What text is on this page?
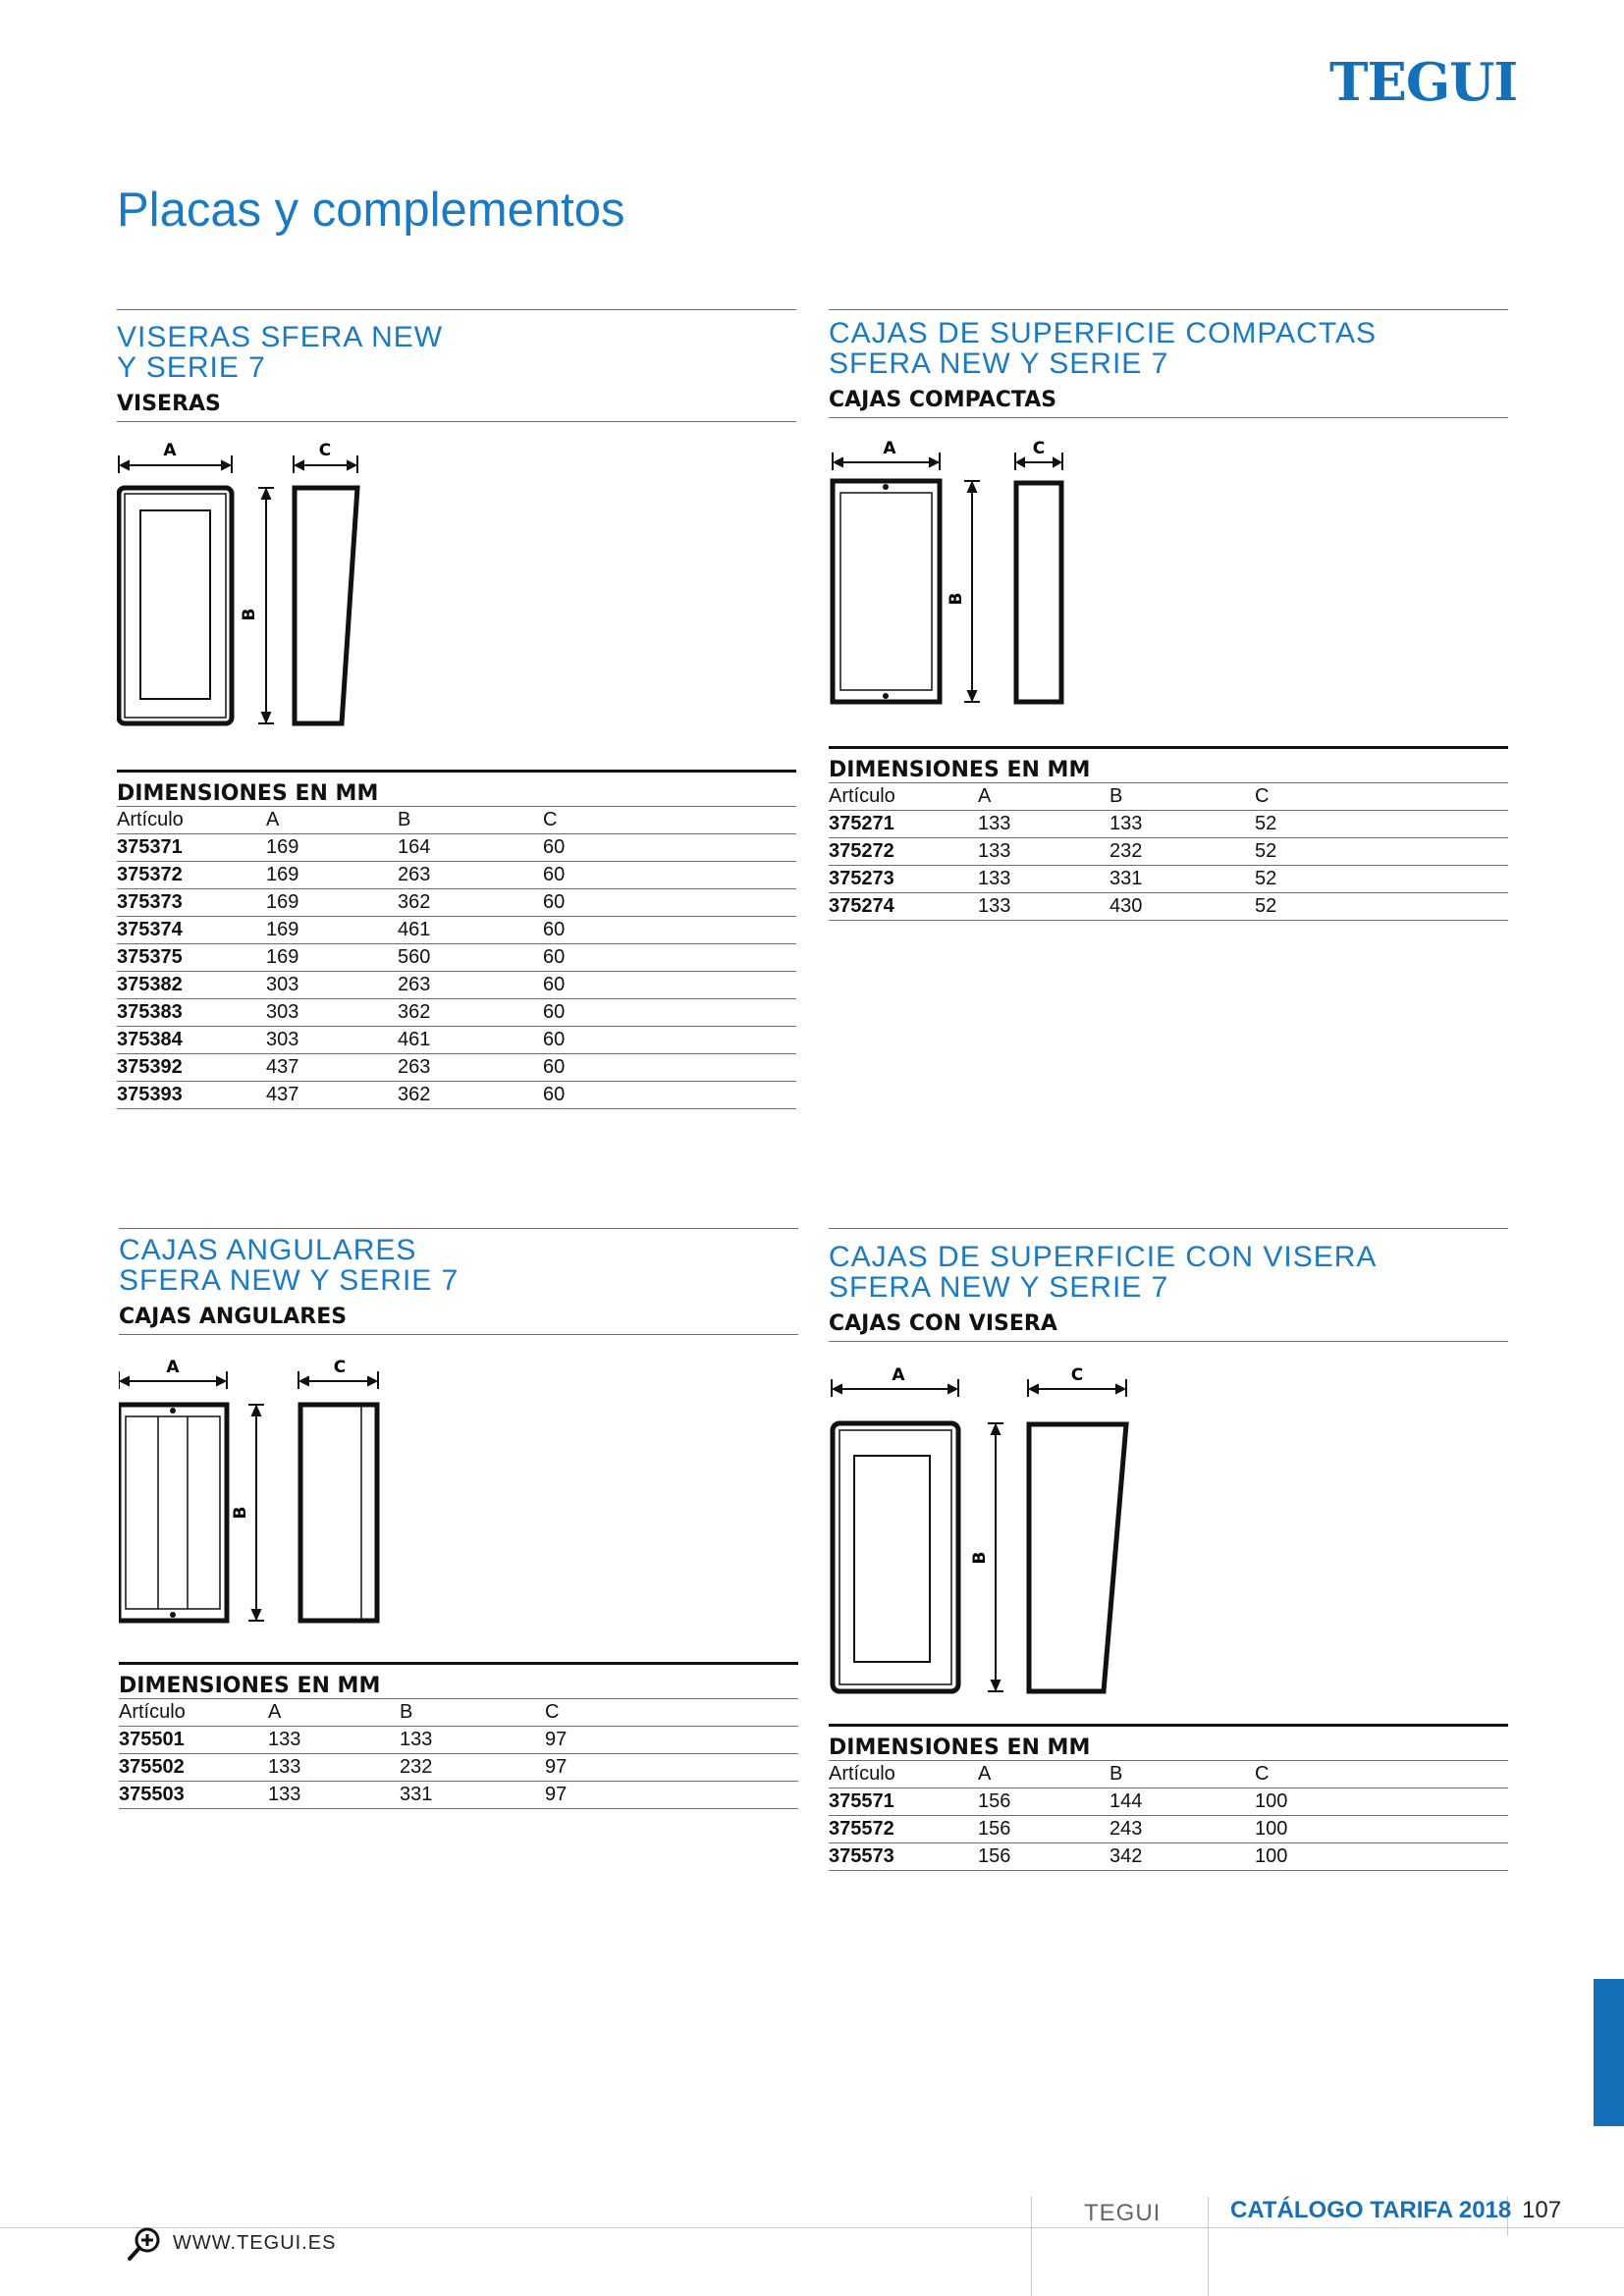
TEGUI
Placas y complementos
VISERAS SFERA NEW
Y SERIE 7
VISERAS
A	C
B
DIMENSIONES EN MM
Artículo	A	B	C
375371	169	164	60
375372	169	263	60
375373	169	362	60
375374	169	461	60
375375	169	560	60
375382	303	263	60
375383	303	362	60
375384	303	461	60
375392	437	263	60
375393	437	362	60
CAJAS DE SUPERFICIE COMPACTAS
SFERA NEW Y SERIE 7
CAJAS COMPACTAS
A	C
B
DIMENSIONES EN MM
Artículo	A	B	C
375271	133	133	52
375272	133	232	52
375273	133	331	52
375274	133	430	52
CAJAS ANGULARES
SFERA NEW Y SERIE 7
CAJAS ANGULARES
A	C
B
DIMENSIONES EN MM
Artículo	A	B	C
375501	133	133	97
375502	133	232	97
375503	133	331	97
CAJAS DE SUPERFICIE CON VISERA
SFERA NEW Y SERIE 7
CAJAS CON VISERA
A	C
B
DIMENSIONES EN MM
Artículo	A	B	C
375571	156	144	100
375572	156	243	100
375573	156	342	100
TEGUI	CATÁLOGO TARIFA 2018 107
WWW.TEGUI.ES
